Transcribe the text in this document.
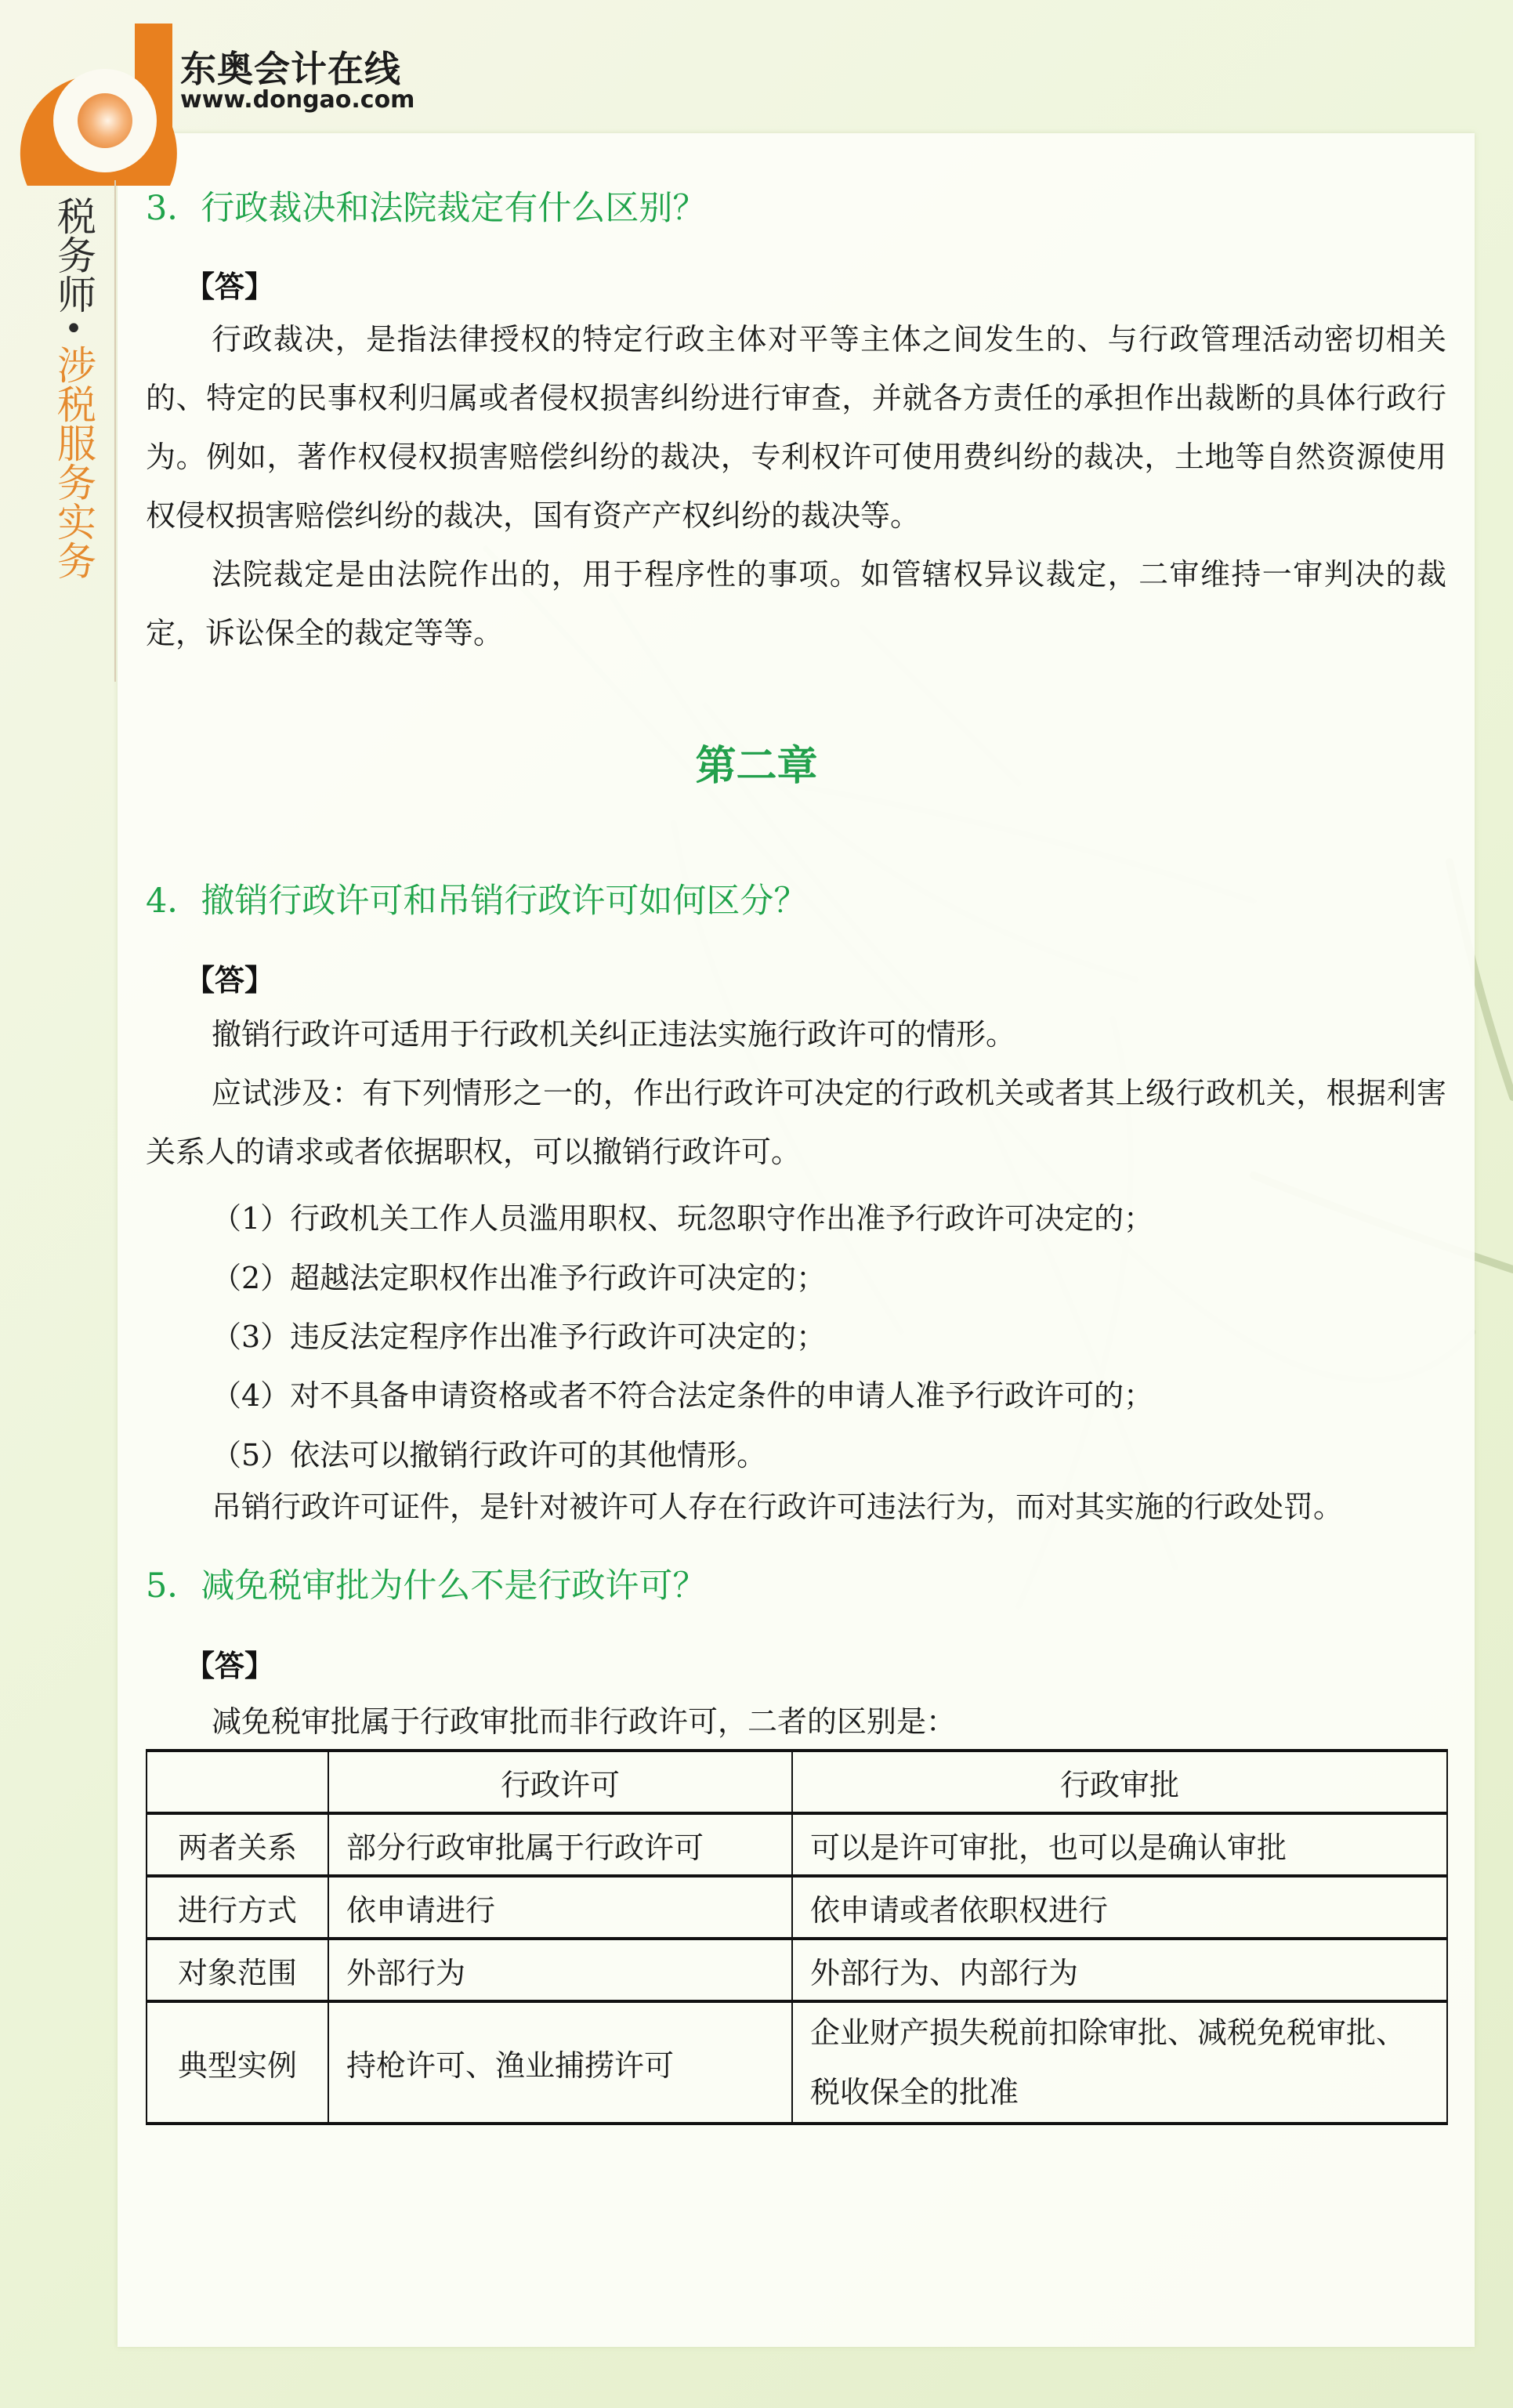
东奥会计在线
www.dongao.com
税务师
•
涉税服务实务
3．行政裁决和法院裁定有什么区别？
【答】
行政裁决，是指法律授权的特定行政主体对平等主体之间发生的、与行政管理活动密切相关的、特定的民事权利归属或者侵权损害纠纷进行审查，并就各方责任的承担作出裁断的具体行政行为。例如，著作权侵权损害赔偿纠纷的裁决，专利权许可使用费纠纷的裁决，土地等自然资源使用权侵权损害赔偿纠纷的裁决，国有资产产权纠纷的裁决等。
法院裁定是由法院作出的，用于程序性的事项。如管辖权异议裁定，二审维持一审判决的裁定，诉讼保全的裁定等等。
第二章
4．撤销行政许可和吊销行政许可如何区分？
【答】
撤销行政许可适用于行政机关纠正违法实施行政许可的情形。
应试涉及：有下列情形之一的，作出行政许可决定的行政机关或者其上级行政机关，根据利害关系人的请求或者依据职权，可以撤销行政许可。
（1）行政机关工作人员滥用职权、玩忽职守作出准予行政许可决定的；
（2）超越法定职权作出准予行政许可决定的；
（3）违反法定程序作出准予行政许可决定的；
（4）对不具备申请资格或者不符合法定条件的申请人准予行政许可的；
（5）依法可以撤销行政许可的其他情形。
吊销行政许可证件，是针对被许可人存在行政许可违法行为，而对其实施的行政处罚。
5．减免税审批为什么不是行政许可？
【答】
减免税审批属于行政审批而非行政许可，二者的区别是：
	行政许可	行政审批
两者关系	部分行政审批属于行政许可	可以是许可审批，也可以是确认审批
进行方式	依申请进行	依申请或者依职权进行
对象范围	外部行为	外部行为、内部行为
典型实例	持枪许可、渔业捕捞许可	企业财产损失税前扣除审批、减税免税审批、税收保全的批准
